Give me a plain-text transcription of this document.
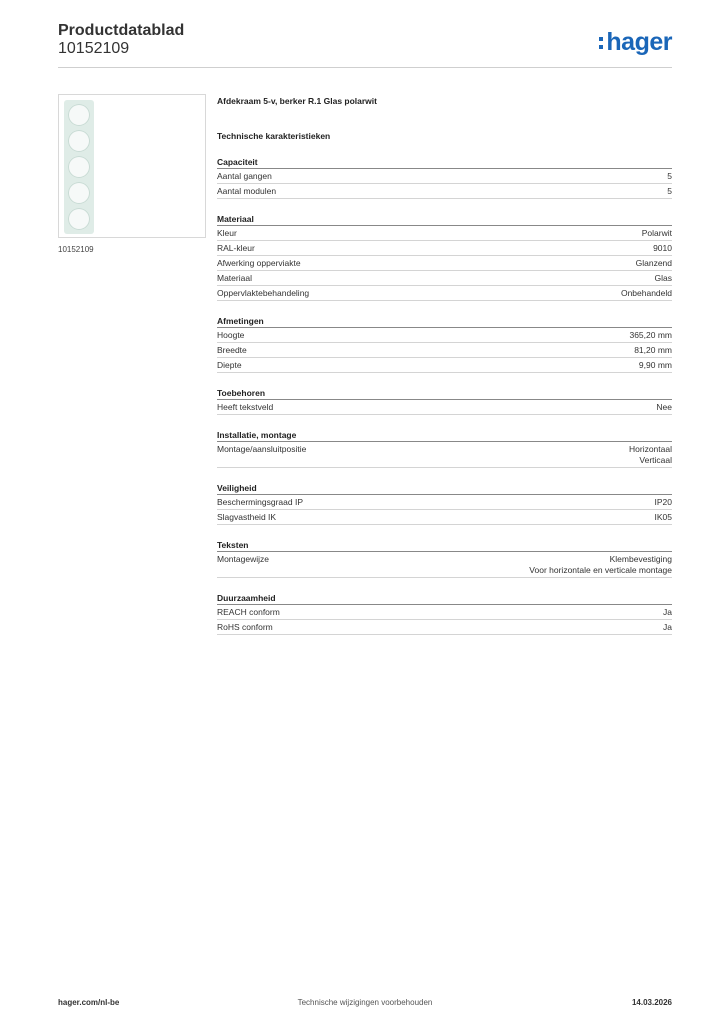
Productdatablad
10152109	hager
10152109
Afdekraam 5-v, berker R.1 Glas polarwit
Technische karakteristieken
Capaciteit
Aantal gangen	5
Aantal modulen	5
Materiaal
Kleur	Polarwit
RAL-kleur	9010
Afwerking opperviakte	Glanzend
Materiaal	Glas
Oppervlaktebehandeling	Onbehandeld
Afmetingen
Hoogte	365,20 mm
Breedte	81,20 mm
Diepte	9,90 mm
Toebehoren
Heeft tekstveld	Nee
Installatie, montage
Montage/aansluitpositie	Horizontaal
Verticaal
Veiligheid
Beschermingsgraad IP	IP20
Slagvastheid IK	IK05
Teksten
Montagewijze	Klembevestiging
Voor horizontale en verticale montage
Duurzaamheid
REACH conform	Ja
RoHS conform	Ja
hager.com/nl-be	Technische wijzigingen voorbehouden	14.03.2026
